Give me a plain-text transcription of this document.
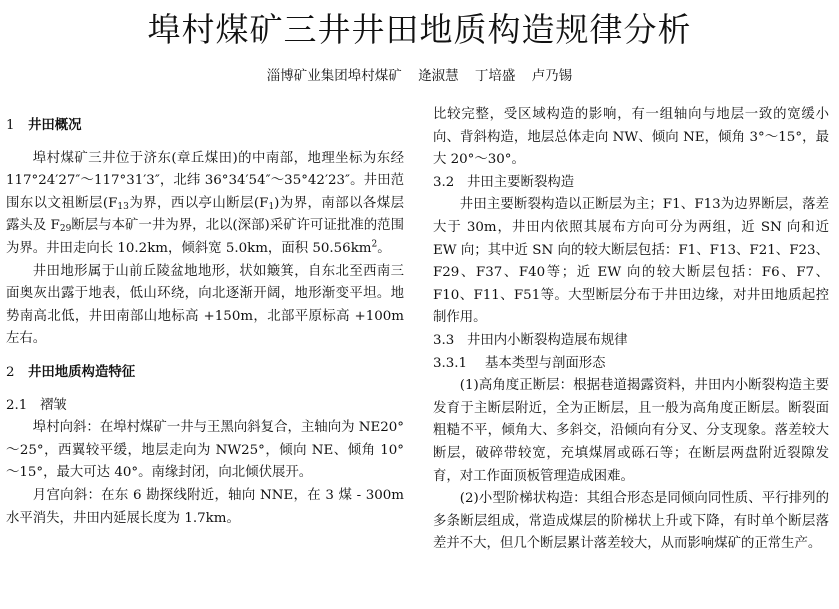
埠村煤矿三井井田地质构造规律分析
淄博矿业集团埠村煤矿 逄淑慧 丁培盛 卢乃锡

1 井田概况

埠村煤矿三井位于济东(章丘煤田)的中南部，地理坐标为东经 117°24′27″～117°31′3″，北纬 36°34′54″～35°42′23″。井田范围东以文祖断层($F_{13}$为界，西以亭山断层$(F_1)$为界，南部以各煤层露头及 $F_{29}$断层与本矿一井为界，北以(深部)采矿许可证批准的范围为界。井田走向长 10.2km，倾斜宽 5.0km，面积 $50.56km^2$。

井田地形属于山前丘陵盆地地形，状如簸箕，自东北至西南三面奥灰出露于地表，低山环绕，向北逐渐开阔，地形渐变平坦。地势南高北低，井田南部山地标高 +150m，北部平原标高 +100m 左右。

2 井田地质构造特征

2.1 褶皱

埠村向斜：在埠村煤矿一井与王黑向斜复合，主轴向为 NE20°～25°，西翼较平缓，地层走向为 NW25°，倾向 NE、倾角 10°～15°，最大可达 40°。南缘封闭，向北倾伏展开。

月宫向斜：在东 6 勘探线附近，轴向 NNE，在 3 煤 - 300m 水平消失，井田内延展长度为 1.7km。

比较完整，受区域构造的影响，有一组轴向与地层一致的宽缓小向、背斜构造，地层总体走向 NW、倾向 NE，倾角 3°～15°，最大 20°～30°。

3.2 井田主要断裂构造

井田主要断裂构造以正断层为主；F1、F13为边界断层，落差大于 30m，井田内依照其展布方向可分为两组，近 SN 向和近 EW 向；其中近 SN 向的较大断层包括：F1、F13、F21、F23、F29、F37、F40等；近 EW 向的较大断层包括：F6、F7、F10、F11、F51等。大型断层分布于井田边缘，对井田地质起控制作用。

3.3 井田内小断裂构造展布规律

3.3.1 基本类型与剖面形态

(1)高角度正断层：根据巷道揭露资料，井田内小断裂构造主要发育于主断层附近，全为正断层，且一般为高角度正断层。断裂面粗糙不平，倾角大、多斜交，沿倾向有分叉、分支现象。落差较大断层，破碎带较宽，充填煤屑或砾石等；在断层两盘附近裂隙发育，对工作面顶板管理造成困难。

(2)小型阶梯状构造：其组合形态是同倾向同性质、平行排列的多条断层组成，常造成煤层的阶梯状上升或下降，有时单个断层落差并不大，但几个断层累计落差较大，从而影响煤矿的正常生产。
